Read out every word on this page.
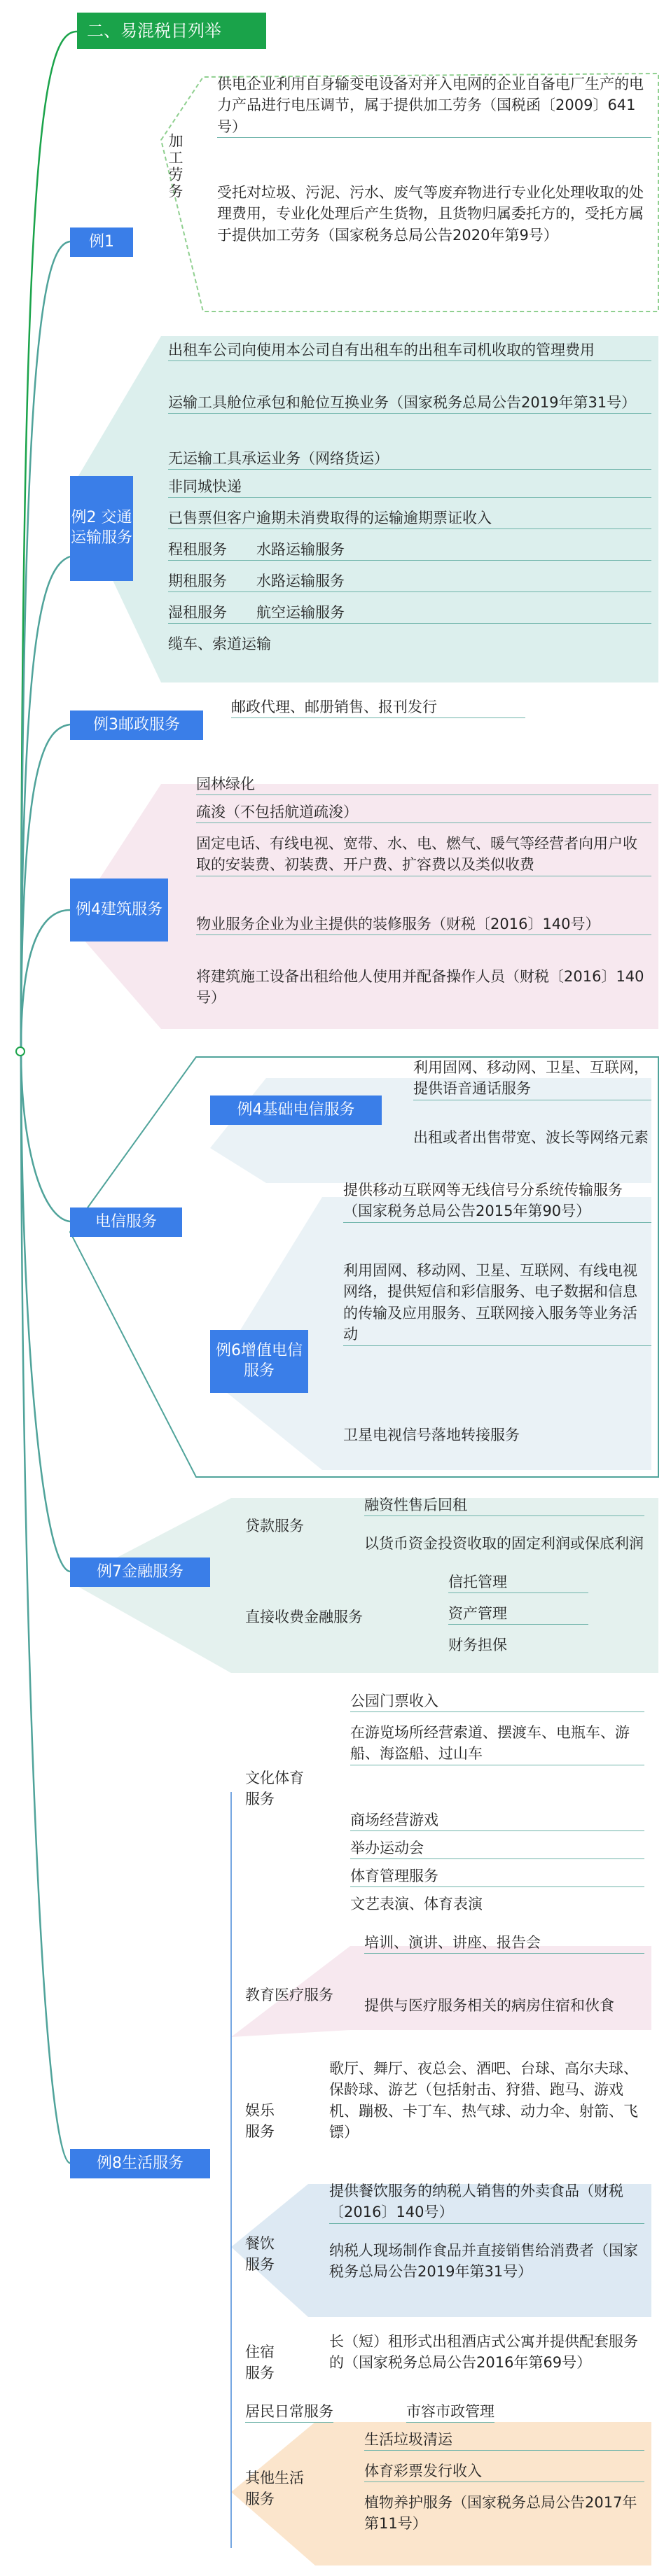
二、易混税目列举
例1
加工劳务
供电企业利用自身输变电设备对并入电网的企业自备电厂生产的电力产品进行电压调节，属于提供加工劳务（国税函〔2009〕641号）
受托对垃圾、污泥、污水、废气等废弃物进行专业化处理收取的处理费用，专业化处理后产生货物，且货物归属委托方的，受托方属于提供加工劳务（国家税务总局公告2020年第9号）
例2 交通运输服务
出租车公司向使用本公司自有出租车的出租车司机收取的管理费用
运输工具舱位承包和舱位互换业务（国家税务总局公告2019年第31号）
无运输工具承运业务（网络货运）
非同城快递
已售票但客户逾期未消费取得的运输逾期票证收入
程租服务　　水路运输服务
期租服务　　水路运输服务
湿租服务　　航空运输服务
缆车、索道运输
例3邮政服务
邮政代理、邮册销售、报刊发行
例4建筑服务
园林绿化
疏浚（不包括航道疏浚）
固定电话、有线电视、宽带、水、电、燃气、暖气等经营者向用户收取的安装费、初装费、开户费、扩容费以及类似收费
物业服务企业为业主提供的装修服务（财税〔2016〕140号）
将建筑施工设备出租给他人使用并配备操作人员（财税〔2016〕140号）
电信服务
例4基础电信服务
利用固网、移动网、卫星、互联网，提供语音通话服务
出租或者出售带宽、波长等网络元素
例6增值电信服务
提供移动互联网等无线信号分系统传输服务（国家税务总局公告2015年第90号）
利用固网、移动网、卫星、互联网、有线电视网络，提供短信和彩信服务、电子数据和信息的传输及应用服务、互联网接入服务等业务活动
卫星电视信号落地转接服务
例7金融服务
贷款服务
融资性售后回租
以货币资金投资收取的固定利润或保底利润
直接收费金融服务
信托管理
资产管理
财务担保
例8生活服务
文化体育服务
公园门票收入
在游览场所经营索道、摆渡车、电瓶车、游船、海盗船、过山车
商场经营游戏
举办运动会
体育管理服务
文艺表演、体育表演
教育医疗服务
培训、演讲、讲座、报告会
提供与医疗服务相关的病房住宿和伙食
娱乐服务
歌厅、舞厅、夜总会、酒吧、台球、高尔夫球、保龄球、游艺（包括射击、狩猎、跑马、游戏机、蹦极、卡丁车、热气球、动力伞、射箭、飞镖）
餐饮服务
提供餐饮服务的纳税人销售的外卖食品（财税〔2016〕140号）
纳税人现场制作食品并直接销售给消费者（国家税务总局公告2019年第31号）
住宿服务
长（短）租形式出租酒店式公寓并提供配套服务的（国家税务总局公告2016年第69号）
居民日常服务	市容市政管理
其他生活服务
生活垃圾清运
体育彩票发行收入
植物养护服务（国家税务总局公告2017年第11号）
